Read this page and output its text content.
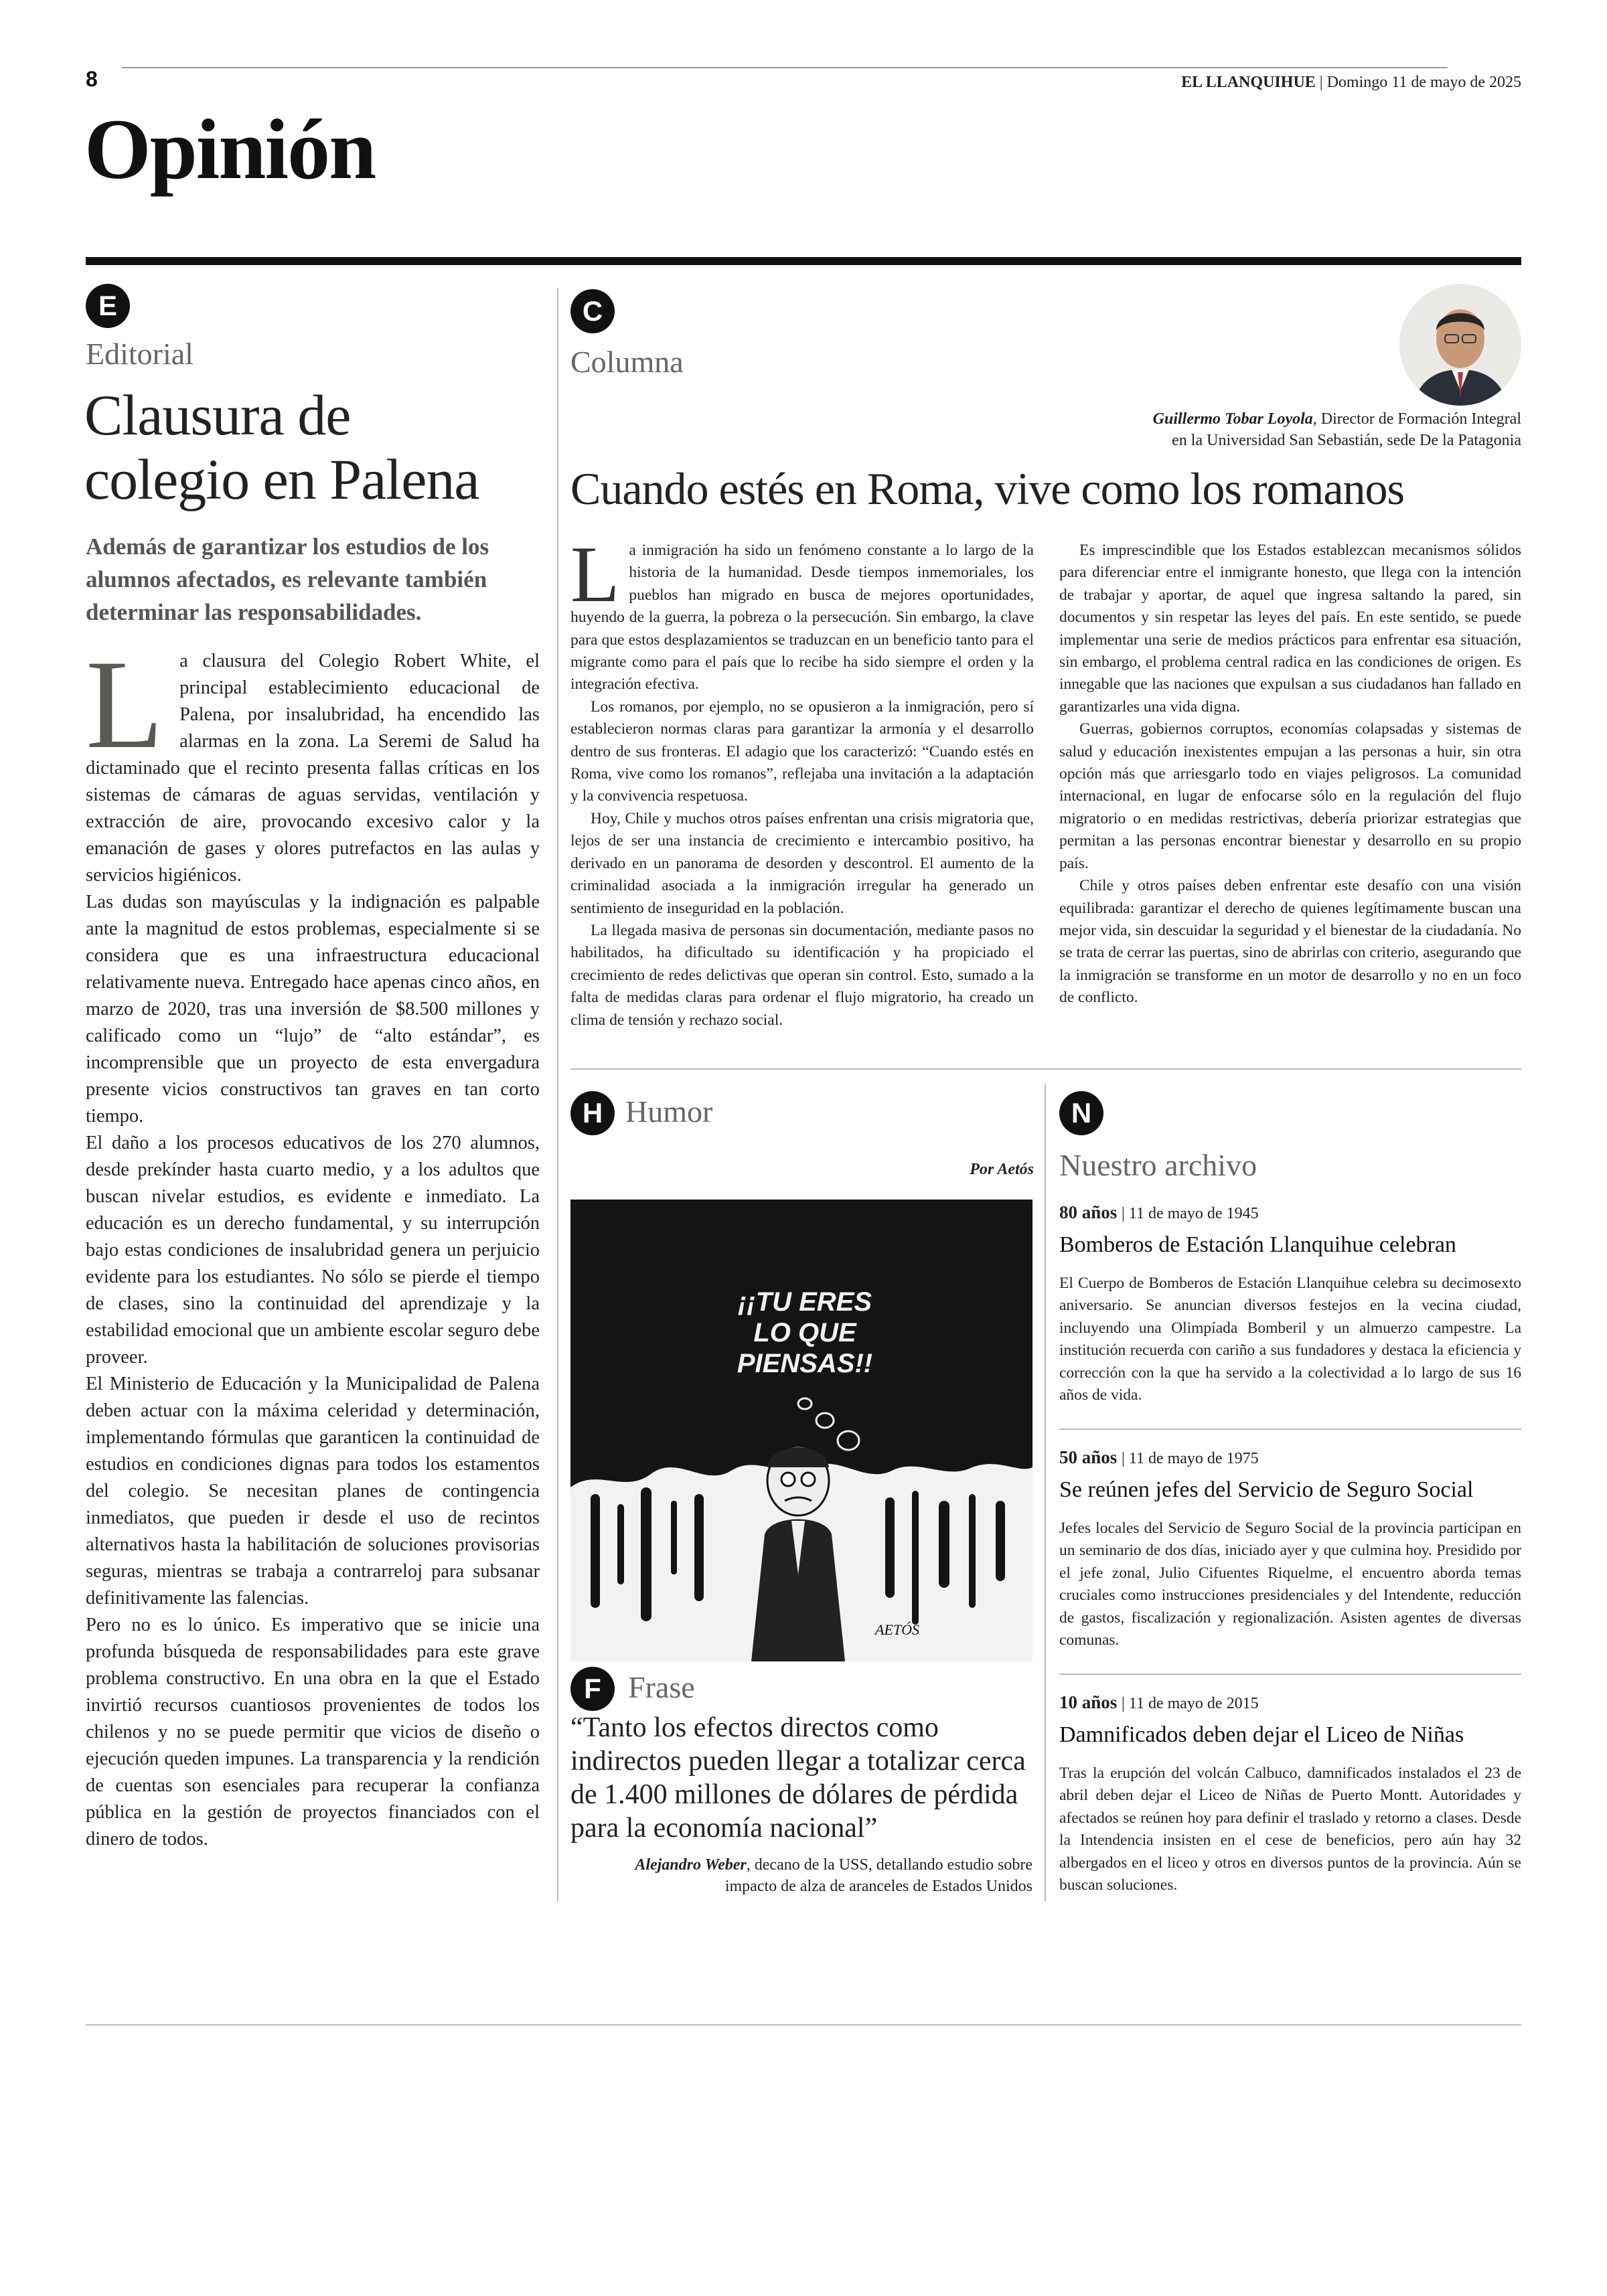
8	EL LLANQUIHUE | Domingo 11 de mayo de 2025
Opinión
E
Editorial
Clausura de
colegio en Palena
Además de garantizar los estudios de los alumnos afectados, es relevante también determinar las responsabilidades.
L a clausura del Colegio Robert White, el principal establecimiento educacional de Palena, por insalubridad, ha encendido las alarmas en la zona. La Seremi de Salud ha dictaminado que el recinto presenta fallas críticas en los sistemas de cámaras de aguas servidas, ventilación y extracción de aire, provocando excesivo calor y la emanación de gases y olores putrefactos en las aulas y servicios higiénicos.

Las dudas son mayúsculas y la indignación es palpable ante la magnitud de estos problemas, especialmente si se considera que es una infraestructura educacional relativamente nueva. Entregado hace apenas cinco años, en marzo de 2020, tras una inversión de $8.500 millones y calificado como un “lujo” de “alto estándar”, es incomprensible que un proyecto de esta envergadura presente vicios constructivos tan graves en tan corto tiempo.

El daño a los procesos educativos de los 270 alumnos, desde prekínder hasta cuarto medio, y a los adultos que buscan nivelar estudios, es evidente e inmediato. La educación es un derecho fundamental, y su interrupción bajo estas condiciones de insalubridad genera un perjuicio evidente para los estudiantes. No sólo se pierde el tiempo de clases, sino la continuidad del aprendizaje y la estabilidad emocional que un ambiente escolar seguro debe proveer.

El Ministerio de Educación y la Municipalidad de Palena deben actuar con la máxima celeridad y determinación, implementando fórmulas que garanticen la continuidad de estudios en condiciones dignas para todos los estamentos del colegio. Se necesitan planes de contingencia inmediatos, que pueden ir desde el uso de recintos alternativos hasta la habilitación de soluciones provisorias seguras, mientras se trabaja a contrarreloj para subsanar definitivamente las falencias.

Pero no es lo único. Es imperativo que se inicie una profunda búsqueda de responsabilidades para este grave problema constructivo. En una obra en la que el Estado invirtió recursos cuantiosos provenientes de todos los chilenos y no se puede permitir que vicios de diseño o ejecución queden impunes. La transparencia y la rendición de cuentas son esenciales para recuperar la confianza pública en la gestión de proyectos financiados con el dinero de todos.

C
Columna
Guillermo Tobar Loyola, Director de Formación Integral
en la Universidad San Sebastián, sede De la Patagonia
Cuando estés en Roma, vive como los romanos
L a inmigración ha sido un fenómeno constante a lo largo de la historia de la humanidad. Desde tiempos inmemoriales, los pueblos han migrado en busca de mejores oportunidades, huyendo de la guerra, la pobreza o la persecución. Sin embargo, la clave para que estos desplazamientos se traduzcan en un beneficio tanto para el migrante como para el país que lo recibe ha sido siempre el orden y la integración efectiva.

Los romanos, por ejemplo, no se opusieron a la inmigración, pero sí establecieron normas claras para garantizar la armonía y el desarrollo dentro de sus fronteras. El adagio que los caracterizó: “Cuando estés en Roma, vive como los romanos”, reflejaba una invitación a la adaptación y la convivencia respetuosa.

Hoy, Chile y muchos otros países enfrentan una crisis migratoria que, lejos de ser una instancia de crecimiento e intercambio positivo, ha derivado en un panorama de desorden y descontrol. El aumento de la criminalidad asociada a la inmigración irregular ha generado un sentimiento de inseguridad en la población.

La llegada masiva de personas sin documentación, mediante pasos no habilitados, ha dificultado su identificación y ha propiciado el crecimiento de redes delictivas que operan sin control. Esto, sumado a la falta de medidas claras para ordenar el flujo migratorio, ha creado un clima de tensión y rechazo social.

Es imprescindible que los Estados establezcan mecanismos sólidos para diferenciar entre el inmigrante honesto, que llega con la intención de trabajar y aportar, de aquel que ingresa saltando la pared, sin documentos y sin respetar las leyes del país. En este sentido, se puede implementar una serie de medios prácticos para enfrentar esa situación, sin embargo, el problema central radica en las condiciones de origen. Es innegable que las naciones que expulsan a sus ciudadanos han fallado en garantizarles una vida digna.

Guerras, gobiernos corruptos, economías colapsadas y sistemas de salud y educación inexistentes empujan a las personas a huir, sin otra opción más que arriesgarlo todo en viajes peligrosos. La comunidad internacional, en lugar de enfocarse sólo en la regulación del flujo migratorio o en medidas restrictivas, debería priorizar estrategias que permitan a las personas encontrar bienestar y desarrollo en su propio país.

Chile y otros países deben enfrentar este desafío con una visión equilibrada: garantizar el derecho de quienes legítimamente buscan una mejor vida, sin descuidar la seguridad y el bienestar de la ciudadanía. No se trata de cerrar las puertas, sino de abrirlas con criterio, asegurando que la inmigración se transforme en un motor de desarrollo y no en un foco de conflicto.

H Humor
Por Aetós
¡¡TU ERES
LO QUE
PIENSAS!!
AETÓS
F Frase
“Tanto los efectos directos como indirectos pueden llegar a totalizar cerca de 1.400 millones de dólares de pérdida para la economía nacional”
Alejandro Weber, decano de la USS, detallando estudio sobre
impacto de alza de aranceles de Estados Unidos
N
Nuestro archivo
80 años | 11 de mayo de 1945
Bomberos de Estación Llanquihue celebran
El Cuerpo de Bomberos de Estación Llanquihue celebra su decimosexto aniversario. Se anuncian diversos festejos en la vecina ciudad, incluyendo una Olimpíada Bomberil y un almuerzo campestre. La institución recuerda con cariño a sus fundadores y destaca la eficiencia y corrección con la que ha servido a la colectividad a lo largo de sus 16 años de vida.
50 años | 11 de mayo de 1975
Se reúnen jefes del Servicio de Seguro Social
Jefes locales del Servicio de Seguro Social de la provincia participan en un seminario de dos días, iniciado ayer y que culmina hoy. Presidido por el jefe zonal, Julio Cifuentes Riquelme, el encuentro aborda temas cruciales como instrucciones presidenciales y del Intendente, reducción de gastos, fiscalización y regionalización. Asisten agentes de diversas comunas.
10 años | 11 de mayo de 2015
Damnificados deben dejar el Liceo de Niñas
Tras la erupción del volcán Calbuco, damnificados instalados el 23 de abril deben dejar el Liceo de Niñas de Puerto Montt. Autoridades y afectados se reúnen hoy para definir el traslado y retorno a clases. Desde la Intendencia insisten en el cese de beneficios, pero aún hay 32 albergados en el liceo y otros en diversos puntos de la provincia. Aún se buscan soluciones.
